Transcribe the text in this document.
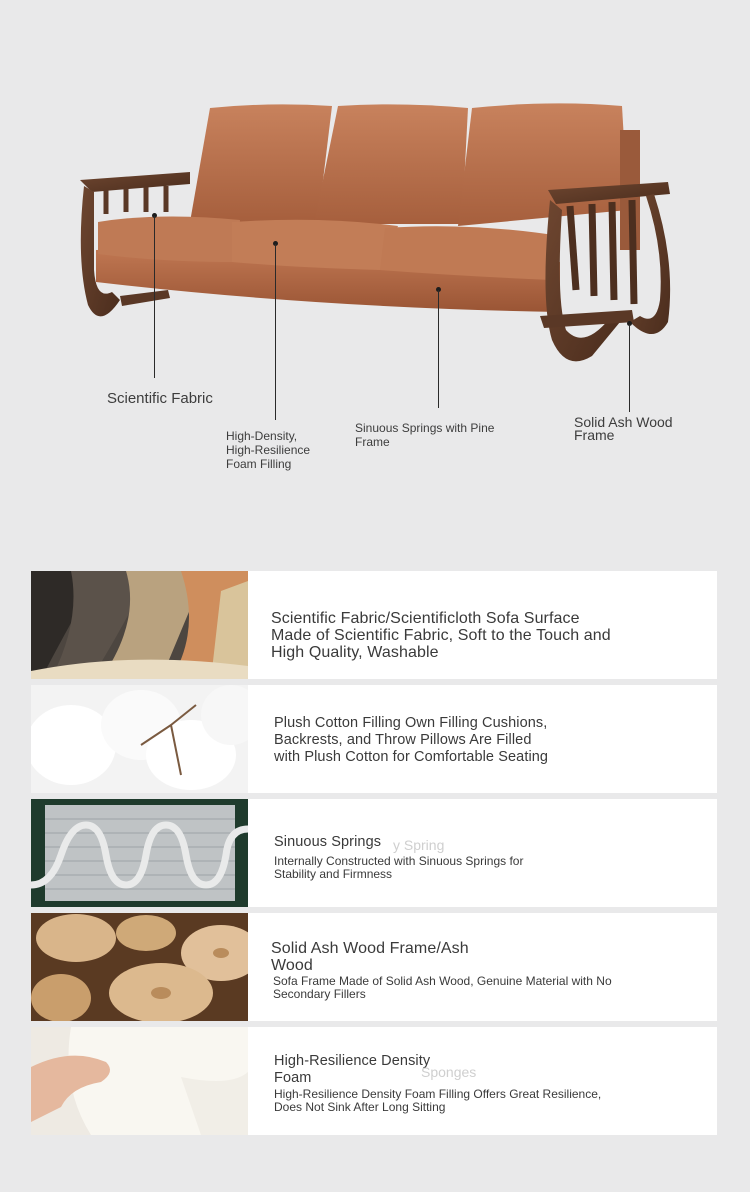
Scientific Fabric
High-Density,
High-Resilience
Foam Filling
Sinuous Springs with Pine
Frame
Solid Ash Wood
Frame
Scientific Fabric/Scientificloth Sofa Surface
Made of Scientific Fabric, Soft to the Touch and
High Quality, Washable
Plush Cotton Filling Own Filling Cushions,
Backrests, and Throw Pillows Are Filled
with Plush Cotton for Comfortable Seating
Sinuous Springs
Internally Constructed with Sinuous Springs for
Stability and Firmness
y Spring
Solid Ash Wood Frame/Ash
Wood
Sofa Frame Made of Solid Ash Wood, Genuine Material with No
Secondary Fillers
High-Resilience Density
Foam
High-Resilience Density Foam Filling Offers Great Resilience,
Does Not Sink After Long Sitting
Sponges
